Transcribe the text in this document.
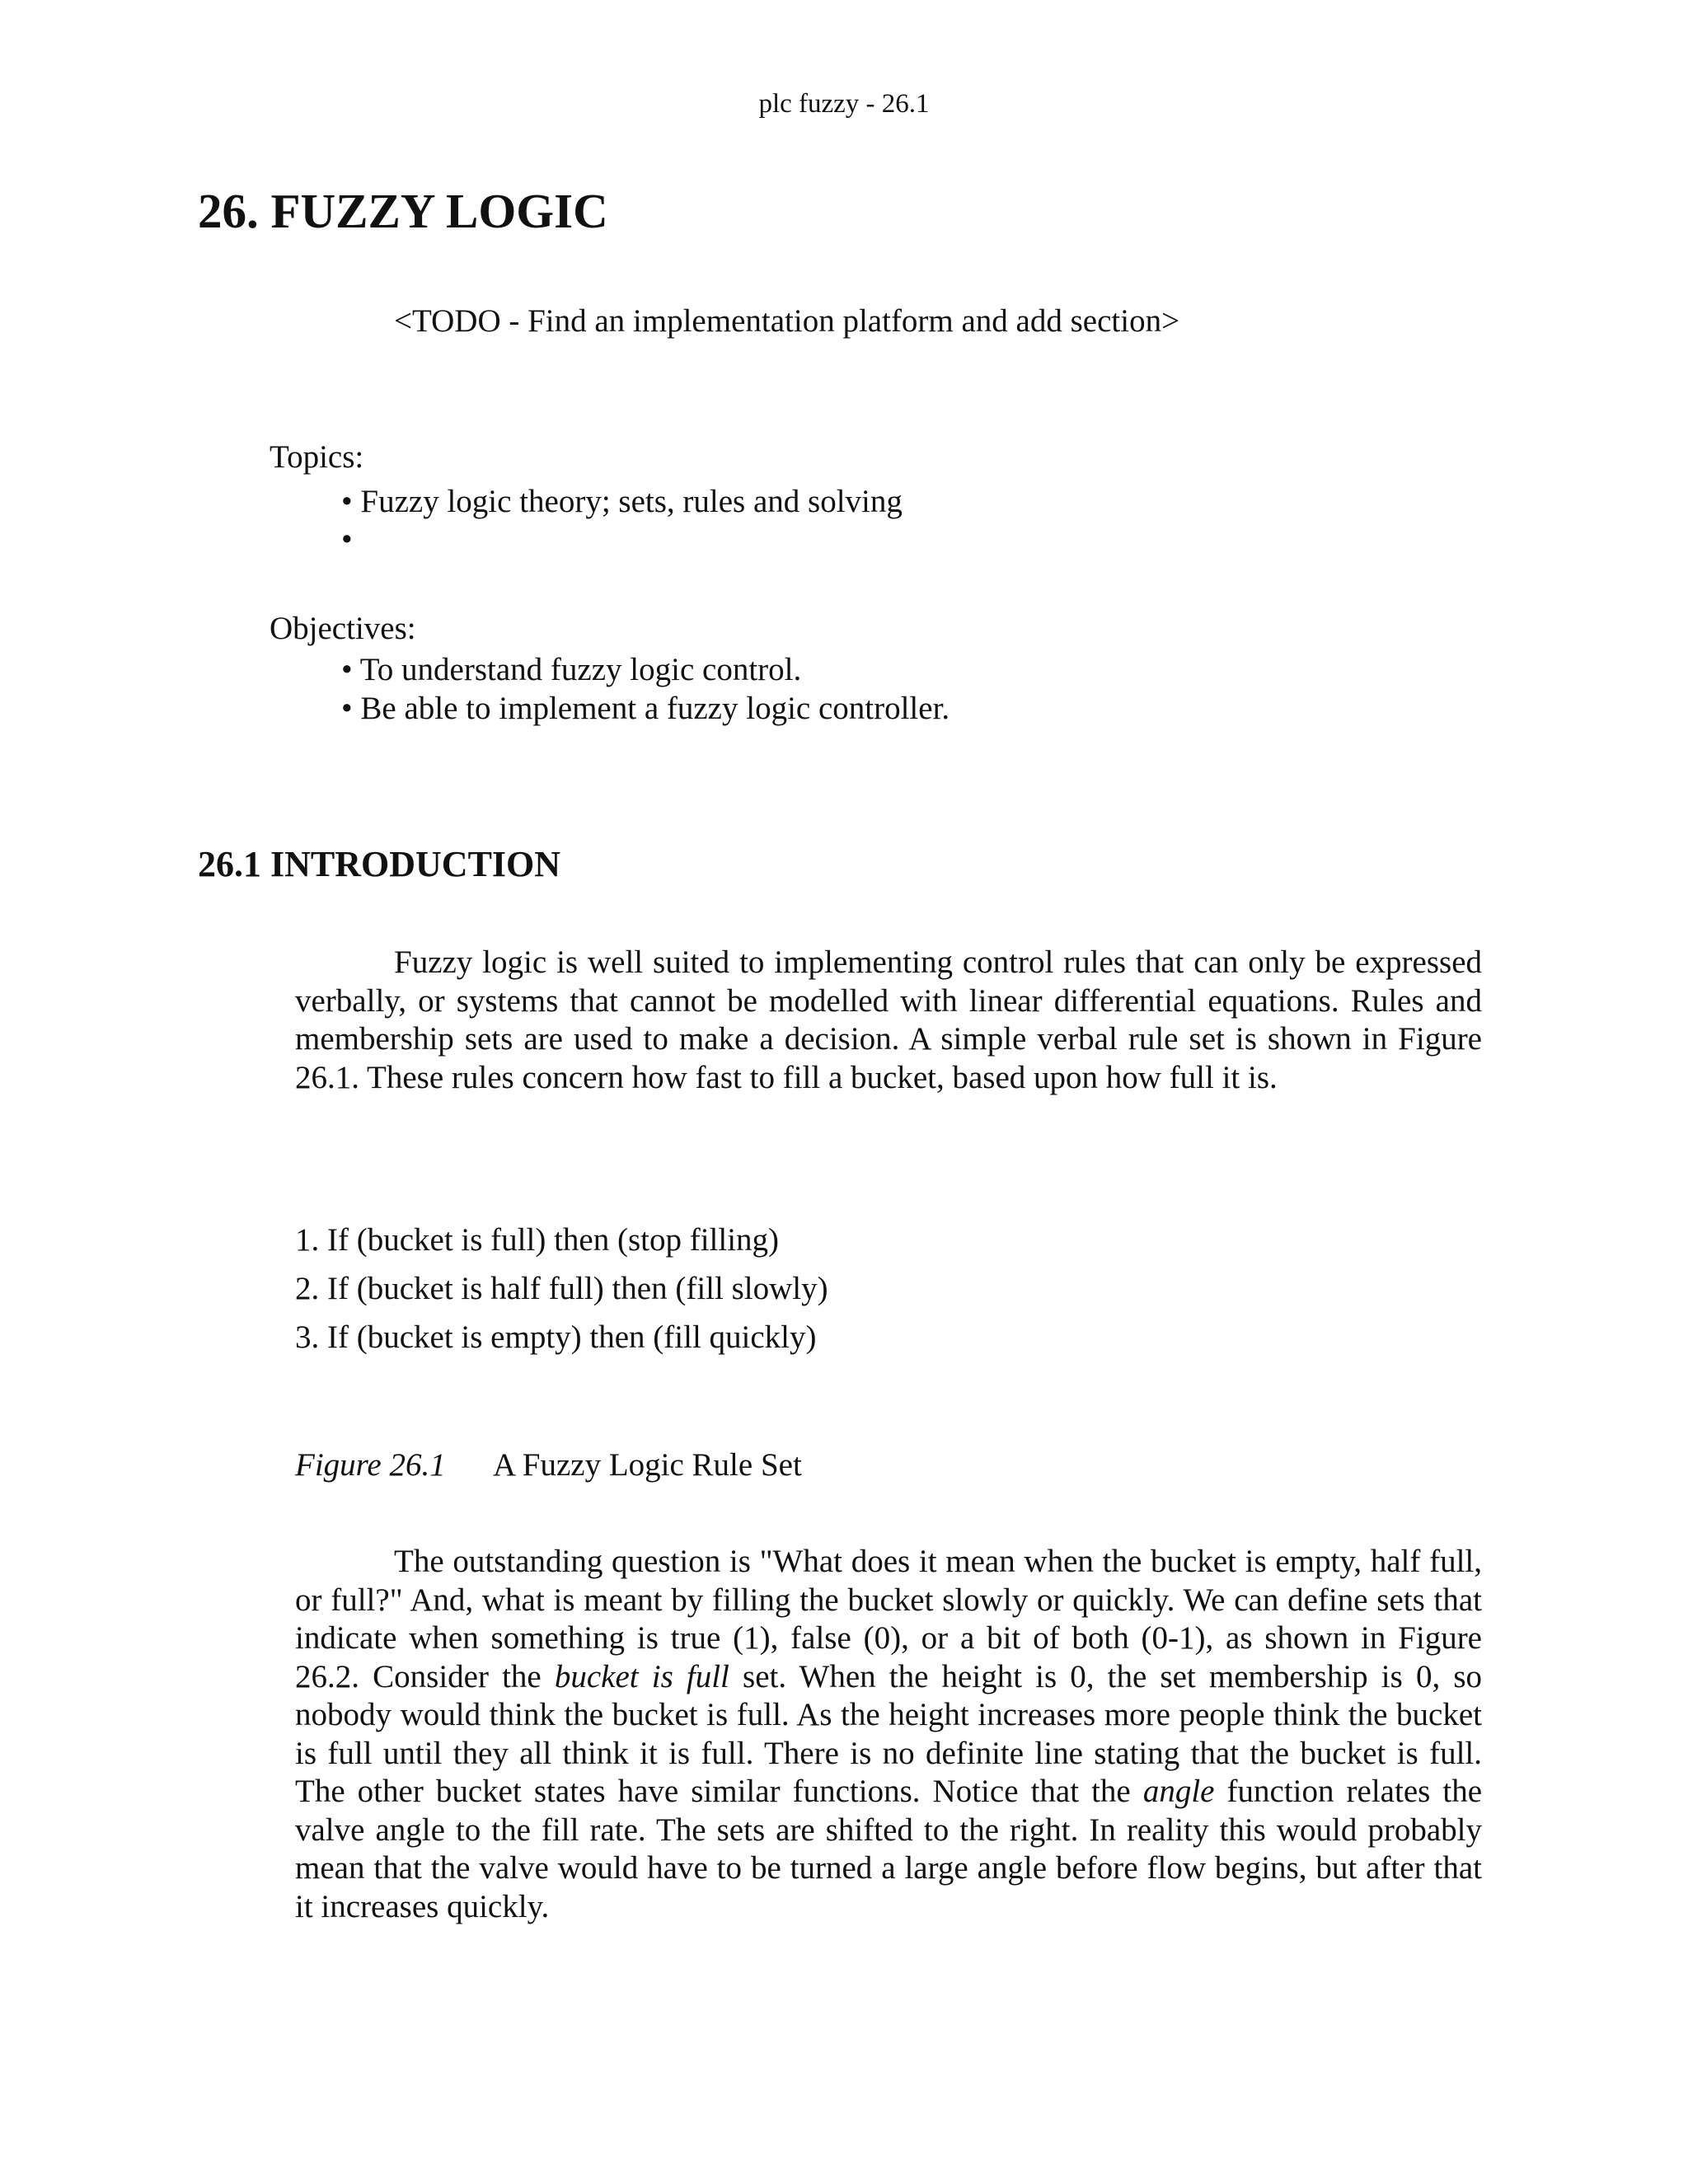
plc fuzzy - 26.1
26. FUZZY LOGIC
<TODO - Find an implementation platform and add section>
Topics:
• Fuzzy logic theory; sets, rules and solving
•
Objectives:
• To understand fuzzy logic control.
• Be able to implement a fuzzy logic controller.
26.1 INTRODUCTION

Fuzzy logic is well suited to implementing control rules that can only be expressed verbally, or systems that cannot be modelled with linear differential equations. Rules and membership sets are used to make a decision. A simple verbal rule set is shown in Figure 26.1. These rules concern how fast to fill a bucket, based upon how full it is.

1. If (bucket is full) then (stop filling)
2. If (bucket is half full) then (fill slowly)
3. If (bucket is empty) then (fill quickly)
Figure 26.1 A Fuzzy Logic Rule Set

The outstanding question is "What does it mean when the bucket is empty, half full, or full?" And, what is meant by filling the bucket slowly or quickly. We can define sets that indicate when something is true (1), false (0), or a bit of both (0-1), as shown in Figure 26.2. Consider the bucket is full set. When the height is 0, the set membership is 0, so nobody would think the bucket is full. As the height increases more people think the bucket is full until they all think it is full. There is no definite line stating that the bucket is full. The other bucket states have similar functions. Notice that the angle function relates the valve angle to the fill rate. The sets are shifted to the right. In reality this would probably mean that the valve would have to be turned a large angle before flow begins, but after that it increases quickly.
